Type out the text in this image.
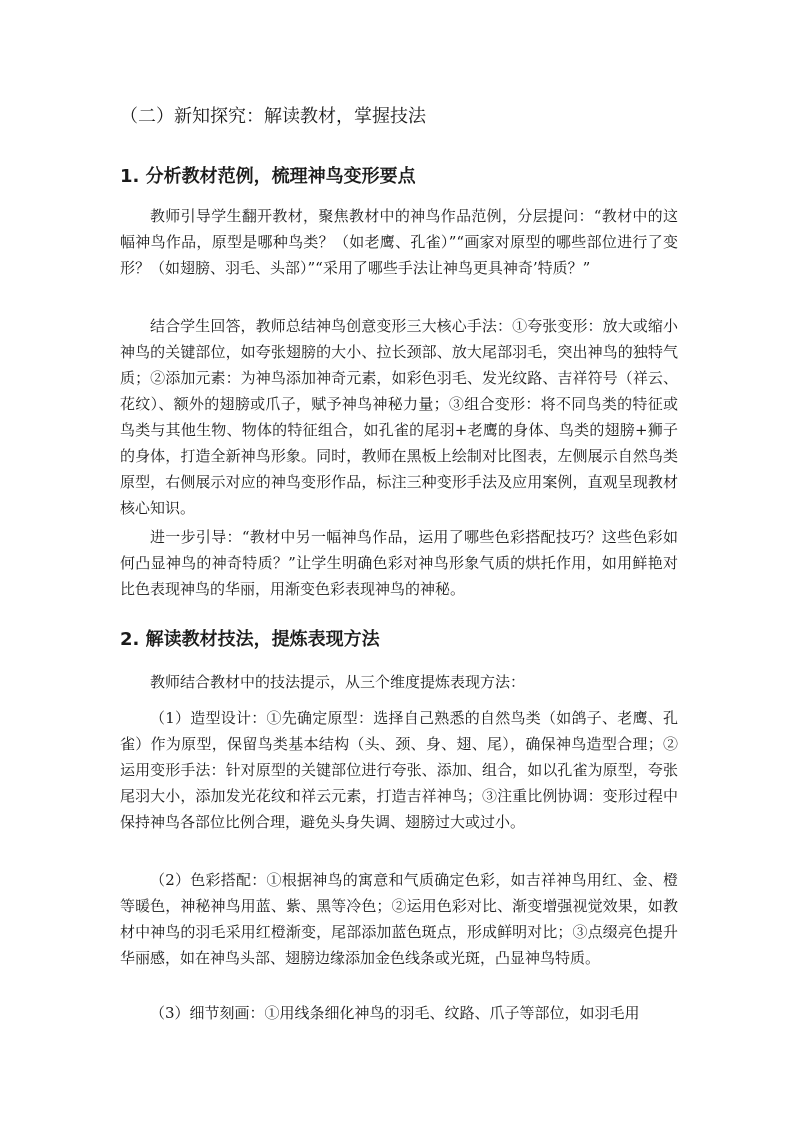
（二）新知探究：解读教材，掌握技法
1. 分析教材范例，梳理神鸟变形要点

教师引导学生翻开教材，聚焦教材中的神鸟作品范例，分层提问：“教材中的这幅神鸟作品，原型是哪种鸟类？（如老鹰、孔雀）”“画家对原型的哪些部位进行了变形？（如翅膀、羽毛、头部）”“采用了哪些手法让神鸟更具神奇’特质？”

结合学生回答，教师总结神鸟创意变形三大核心手法：①夸张变形：放大或缩小神鸟的关键部位，如夸张翅膀的大小、拉长颈部、放大尾部羽毛，突出神鸟的独特气质；②添加元素：为神鸟添加神奇元素，如彩色羽毛、发光纹路、吉祥符号（祥云、花纹）、额外的翅膀或爪子，赋予神鸟神秘力量；③组合变形：将不同鸟类的特征或鸟类与其他生物、物体的特征组合，如孔雀的尾羽+老鹰的身体、鸟类的翅膀+狮子的身体，打造全新神鸟形象。同时，教师在黑板上绘制对比图表，左侧展示自然鸟类原型，右侧展示对应的神鸟变形作品，标注三种变形手法及应用案例，直观呈现教材核心知识。

进一步引导：“教材中另一幅神鸟作品，运用了哪些色彩搭配技巧？这些色彩如何凸显神鸟的神奇特质？”让学生明确色彩对神鸟形象气质的烘托作用，如用鲜艳对比色表现神鸟的华丽，用渐变色彩表现神鸟的神秘。

2. 解读教材技法，提炼表现方法

教师结合教材中的技法提示，从三个维度提炼表现方法：

（1）造型设计：①先确定原型：选择自己熟悉的自然鸟类（如鸽子、老鹰、孔雀）作为原型，保留鸟类基本结构（头、颈、身、翅、尾），确保神鸟造型合理；②运用变形手法：针对原型的关键部位进行夸张、添加、组合，如以孔雀为原型，夸张尾羽大小，添加发光花纹和祥云元素，打造吉祥神鸟；③注重比例协调：变形过程中保持神鸟各部位比例合理，避免头身失调、翅膀过大或过小。

（2）色彩搭配：①根据神鸟的寓意和气质确定色彩，如吉祥神鸟用红、金、橙等暖色，神秘神鸟用蓝、紫、黑等冷色；②运用色彩对比、渐变增强视觉效果，如教材中神鸟的羽毛采用红橙渐变，尾部添加蓝色斑点，形成鲜明对比；③点缀亮色提升华丽感，如在神鸟头部、翅膀边缘添加金色线条或光斑，凸显神鸟特质。

（3）细节刻画：①用线条细化神鸟的羽毛、纹路、爪子等部位，如羽毛用
